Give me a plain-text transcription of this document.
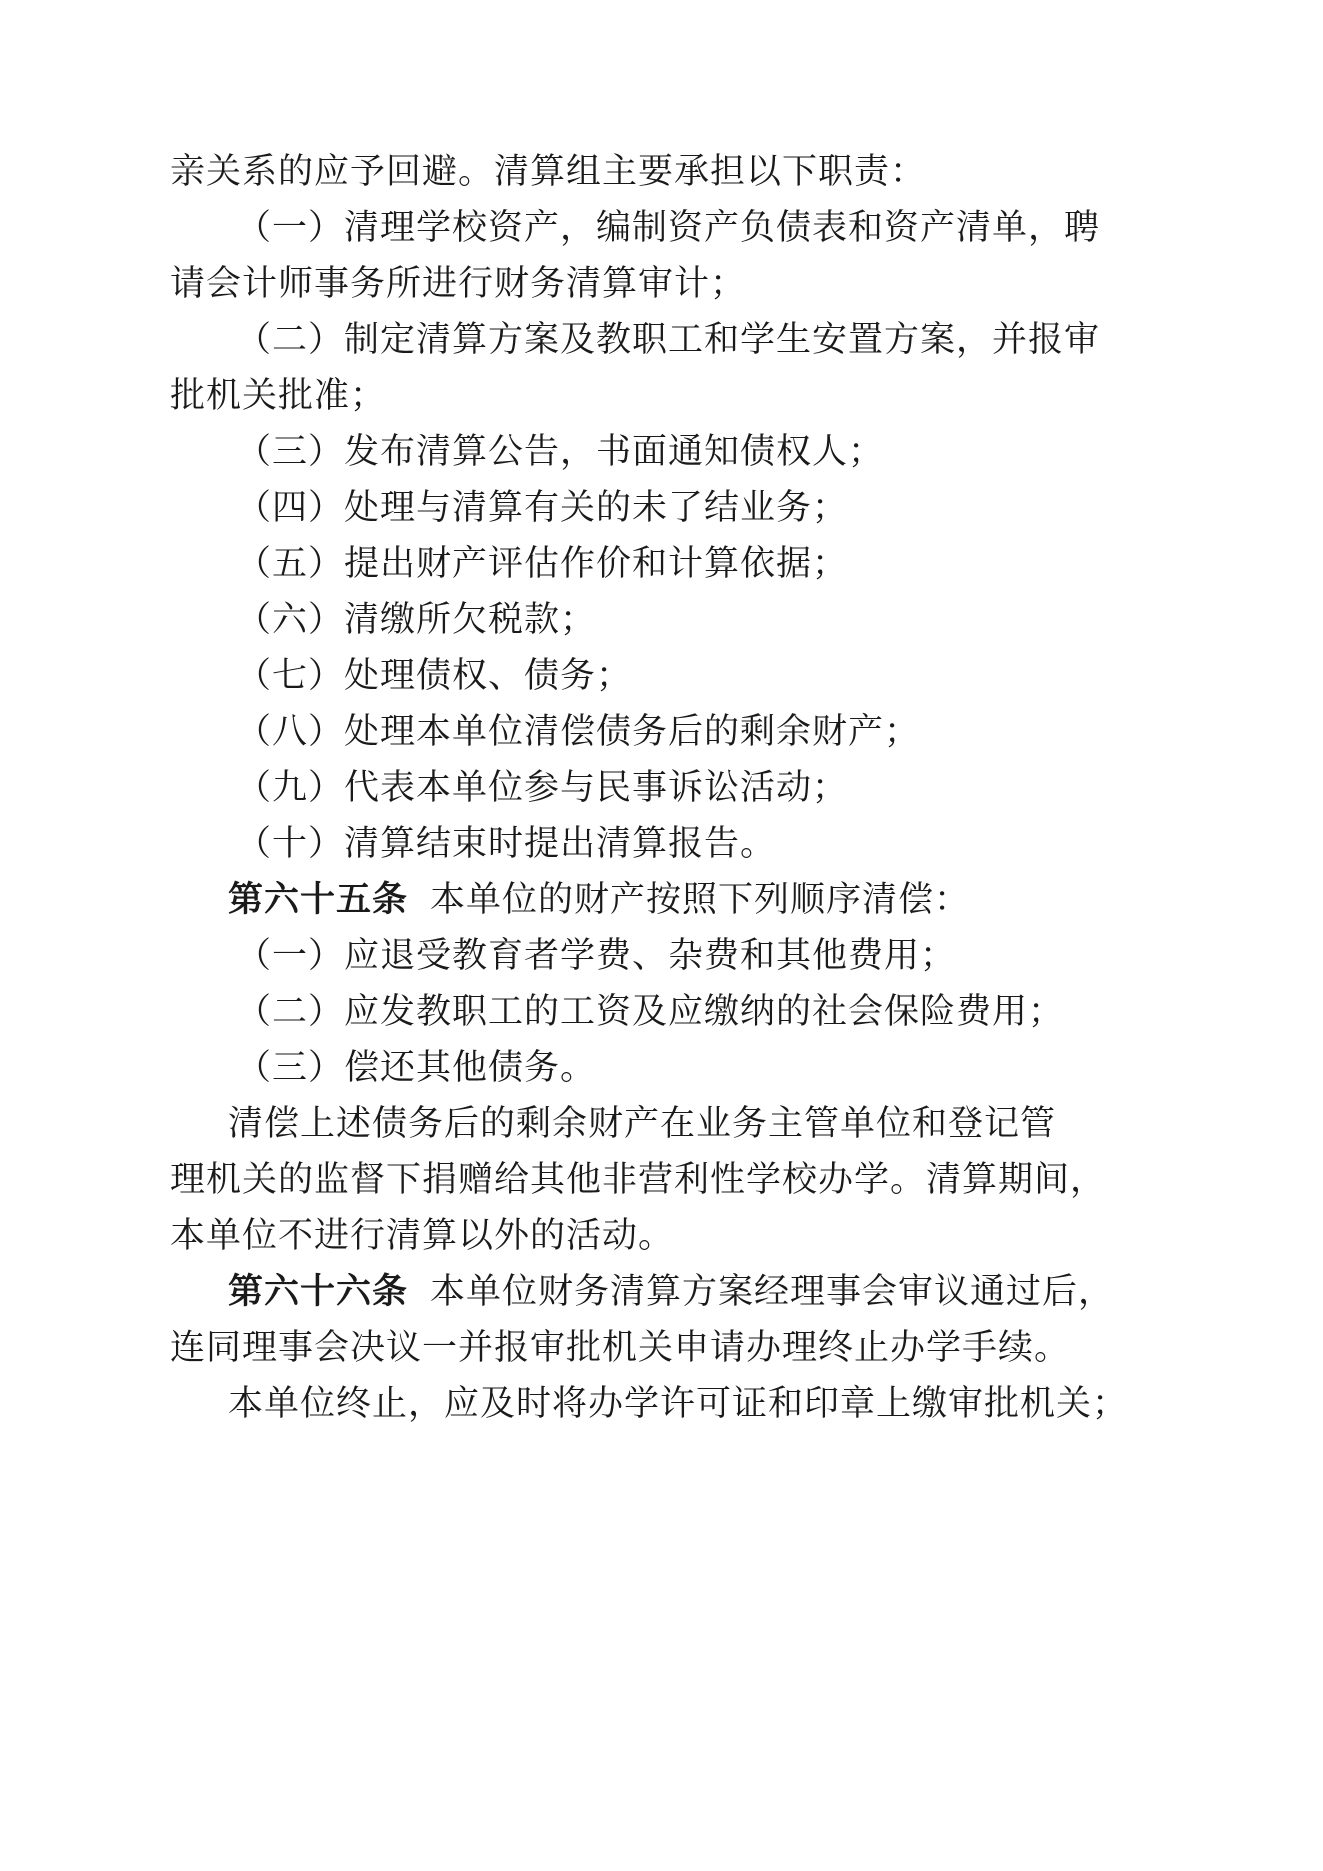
亲关系的应予回避。清算组主要承担以下职责：
（一）清理学校资产，编制资产负债表和资产清单，聘
请会计师事务所进行财务清算审计；
（二）制定清算方案及教职工和学生安置方案，并报审
批机关批准；
（三）发布清算公告，书面通知债权人；
（四）处理与清算有关的未了结业务；
（五）提出财产评估作价和计算依据；
（六）清缴所欠税款；
（七）处理债权、债务；
（八）处理本单位清偿债务后的剩余财产；
（九）代表本单位参与民事诉讼活动；
（十）清算结束时提出清算报告。
第六十五条 本单位的财产按照下列顺序清偿：
（一）应退受教育者学费、杂费和其他费用；
（二）应发教职工的工资及应缴纳的社会保险费用；
（三）偿还其他债务。
清偿上述债务后的剩余财产在业务主管单位和登记管
理机关的监督下捐赠给其他非营利性学校办学。清算期间，
本单位不进行清算以外的活动。
第六十六条 本单位财务清算方案经理事会审议通过后，
连同理事会决议一并报审批机关申请办理终止办学手续。
本单位终止，应及时将办学许可证和印章上缴审批机关；
